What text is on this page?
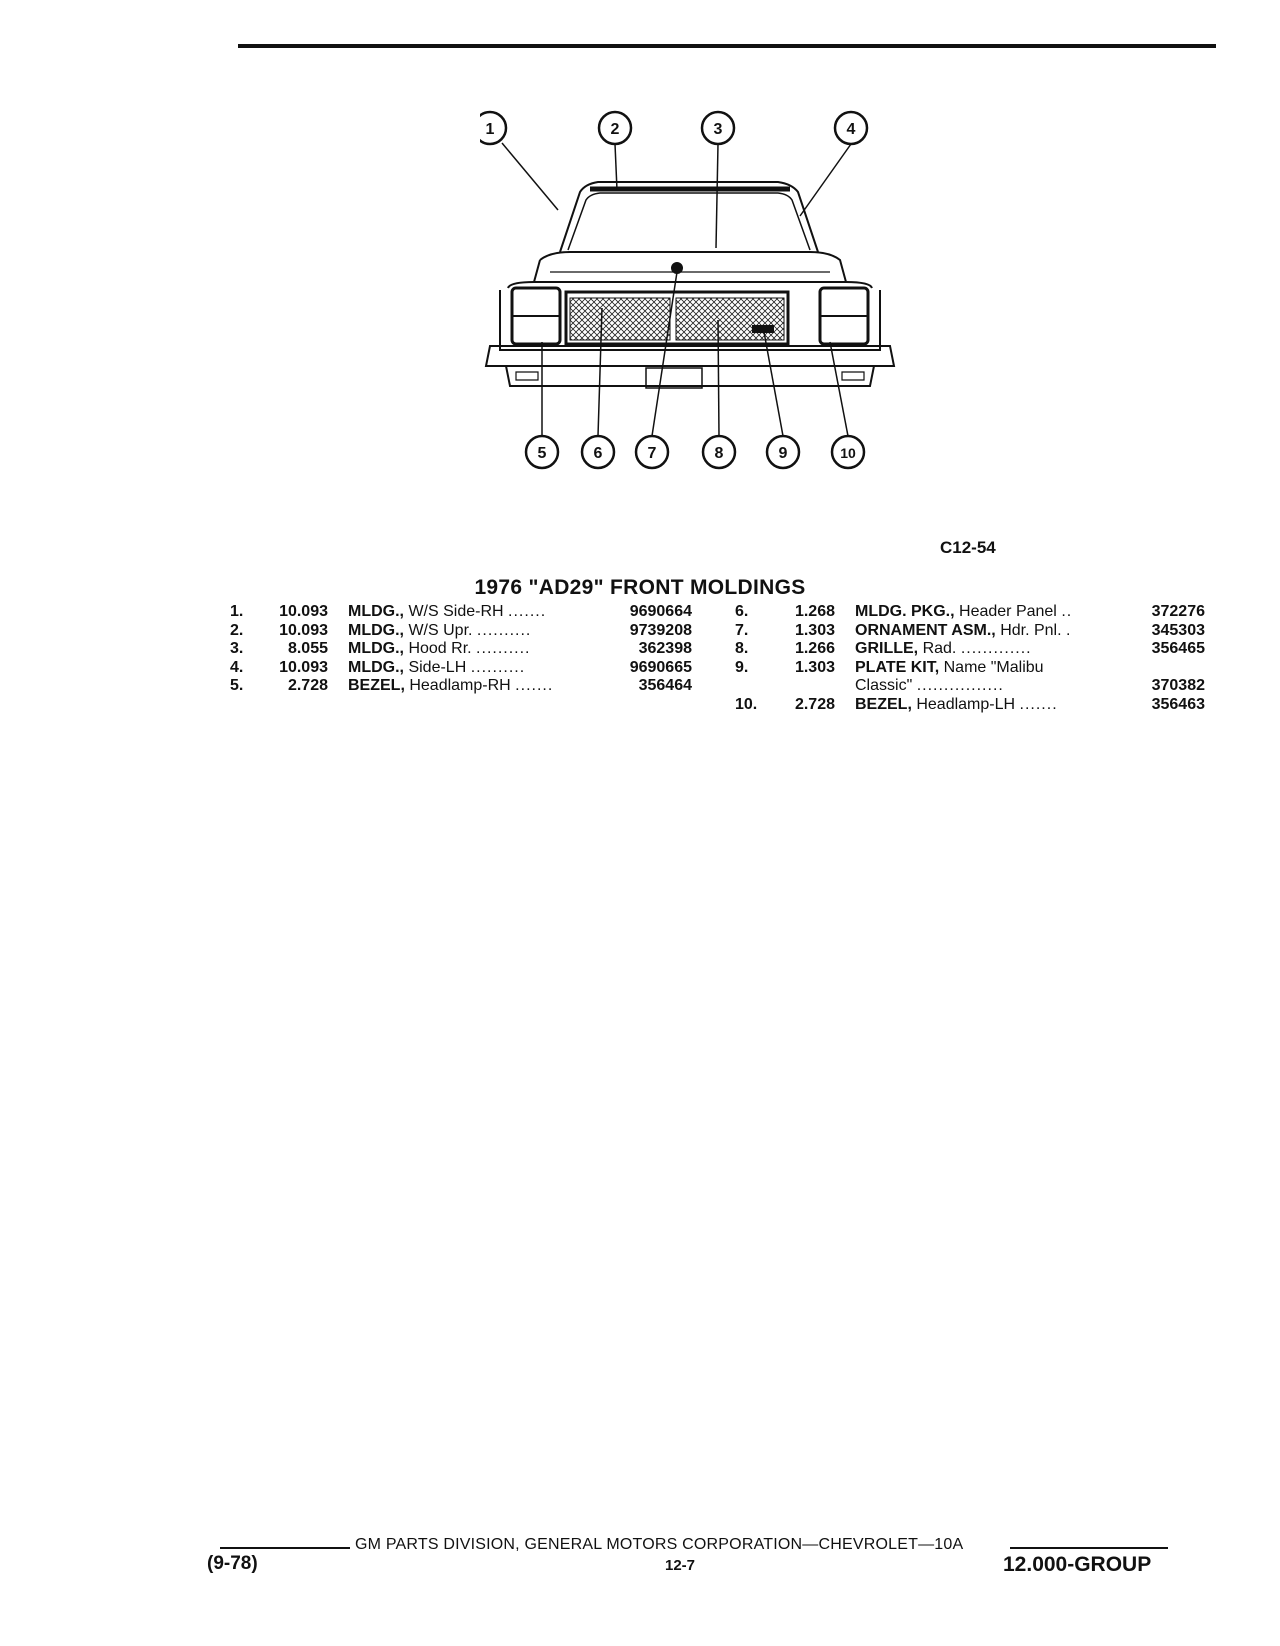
1	2	3	4
5	6	7	8	9	10
C12-54
1976 "AD29" FRONT MOLDINGS
1.	10.093 MLDG., W/S Side-RH .......	9690664
2.	10.093 MLDG., W/S Upr. ..........	9739208
3.	8.055 MLDG., Hood Rr. ..........	362398
4.	10.093 MLDG., Side-LH ..........	9690665
5.	2.728 BEZEL, Headlamp-RH .......	356464
6.	1.268 MLDG. PKG., Header Panel ..	372276
7.	1.303 ORNAMENT ASM., Hdr. Pnl. .	345303
8.	1.266 GRILLE, Rad. .............	356465
9.	1.303 PLATE KIT, Name "Malibu
Classic" ................	370382
10.	2.728 BEZEL, Headlamp-LH .......	356463
GM PARTS DIVISION, GENERAL MOTORS CORPORATION—CHEVROLET—10A
(9-78)	12-7	12.000-GROUP
